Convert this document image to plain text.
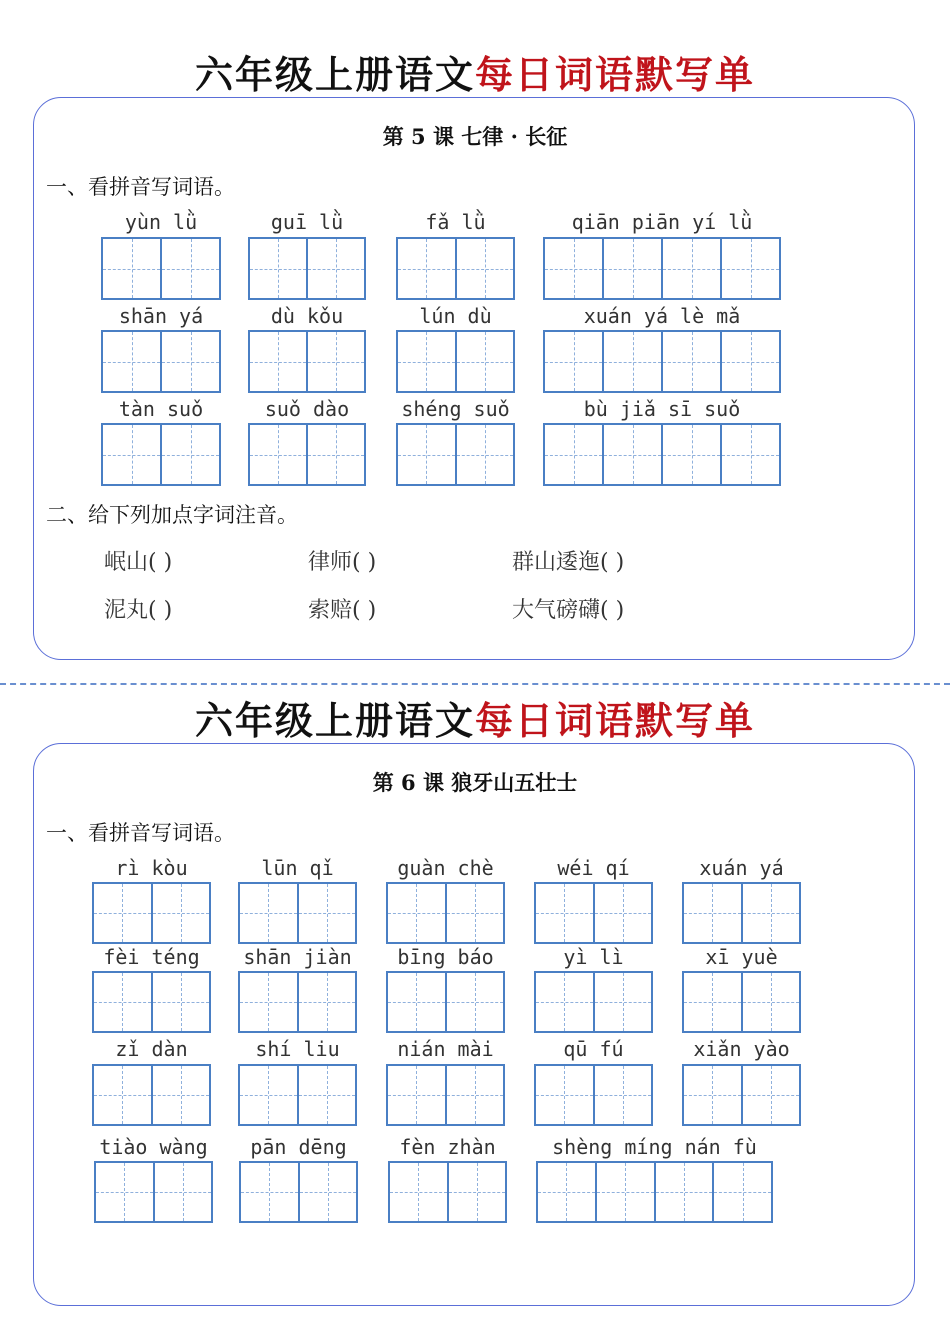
六年级上册语文每日词语默写单
第 5 课 七律 · 长征
一、看拼音写词语。
yùn lǜ	guī lǜ	fǎ lǜ	qiān piān yí lǜ
shān yá	dù kǒu	lún dù	xuán yá lè mǎ
tàn suǒ	suǒ dào	shéng suǒ	bù jiǎ sī suǒ
二、给下列加点字词注音。
岷山( )	律师( )	群山逶迤( )
泥丸( )	索赔( )	大气磅礴( )
六年级上册语文每日词语默写单
第 6 课 狼牙山五壮士
一、看拼音写词语。
rì kòu	lūn qǐ	guàn chè	wéi qí	xuán yá
fèi téng	shān jiàn	bīng báo	yì lì	xī yuè
zǐ dàn	shí liu	nián mài	qū fú	xiǎn yào
tiào wàng	pān dēng	fèn zhàn	shèng míng nán fù
